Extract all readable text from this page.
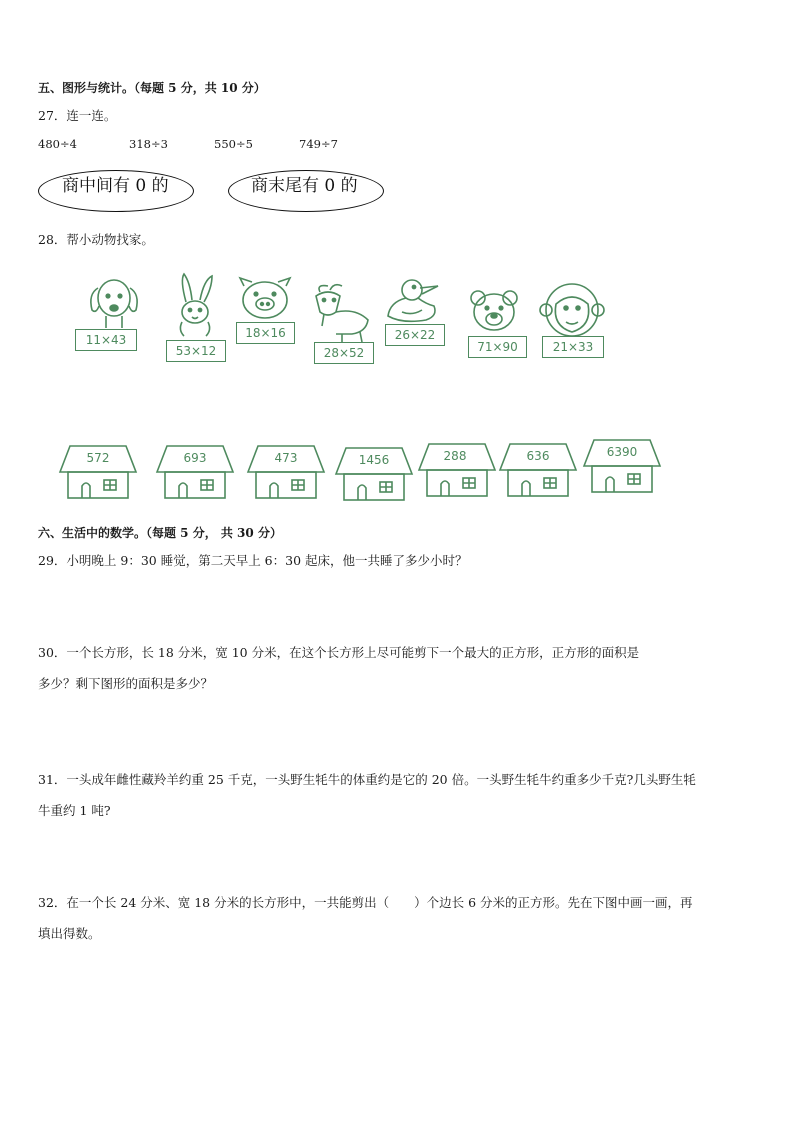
五、图形与统计。（每题 5 分，共 10 分）
27．连一连。
480÷4	318÷3	550÷5	749÷7
商中间有 0 的	商末尾有 0 的
28．帮小动物找家。
11×43
53×12
18×16
28×52
26×22
71×90	21×33
572	693	473	1456	288	636	6390
六、生活中的数学。（每题 5 分， 共 30 分）
29．小明晚上 9：30 睡觉，第二天早上 6：30 起床，他一共睡了多少小时？
30．一个长方形，长 18 分米，宽 10 分米，在这个长方形上尽可能剪下一个最大的正方形，正方形的面积是
多少？剩下图形的面积是多少？
31．一头成年雌性藏羚羊约重 25 千克，一头野生牦牛的体重约是它的 20 倍。一头野生牦牛约重多少千克?几头野生牦
牛重约 1 吨?
32．在一个长 24 分米、宽 18 分米的长方形中，一共能剪出（　　）个边长 6 分米的正方形。先在下图中画一画，再
填出得数。
